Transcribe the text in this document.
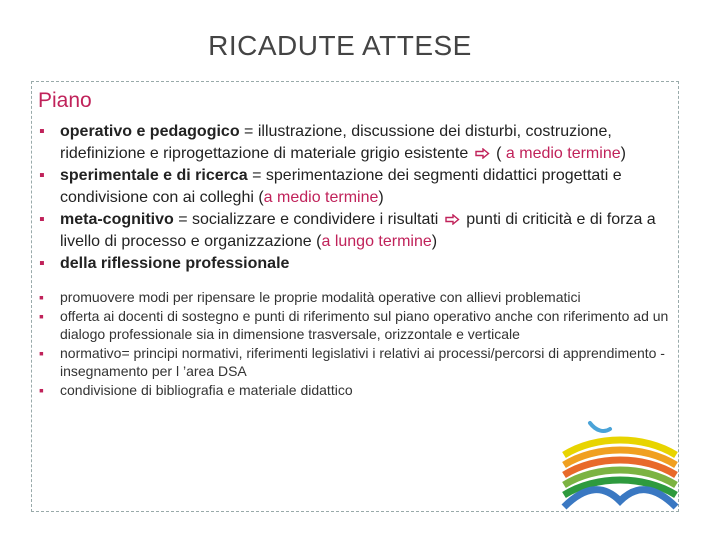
RICADUTE ATTESE
Piano
▪ operativo e pedagogico = illustrazione, discussione dei disturbi, costruzione, ridefinizione e riprogettazione di materiale grigio esistente  ( a medio termine)
▪ sperimentale e di ricerca = sperimentazione dei segmenti didattici progettati e condivisione con ai colleghi (a medio termine)
▪ meta-cognitivo = socializzare e condividere i risultati  punti di criticità e di forza a livello di processo e organizzazione (a lungo termine)
▪ della riflessione professionale
▪ promuovere modi per ripensare le proprie modalità operative con allievi problematici
▪ offerta ai docenti di sostegno e punti di riferimento sul piano operativo anche con riferimento ad un dialogo professionale sia in dimensione trasversale, orizzontale e verticale
▪ normativo= principi normativi, riferimenti legislativi i relativi ai processi/percorsi di apprendimento - insegnamento per l ’area DSA
▪ condivisione di bibliografia e materiale didattico
